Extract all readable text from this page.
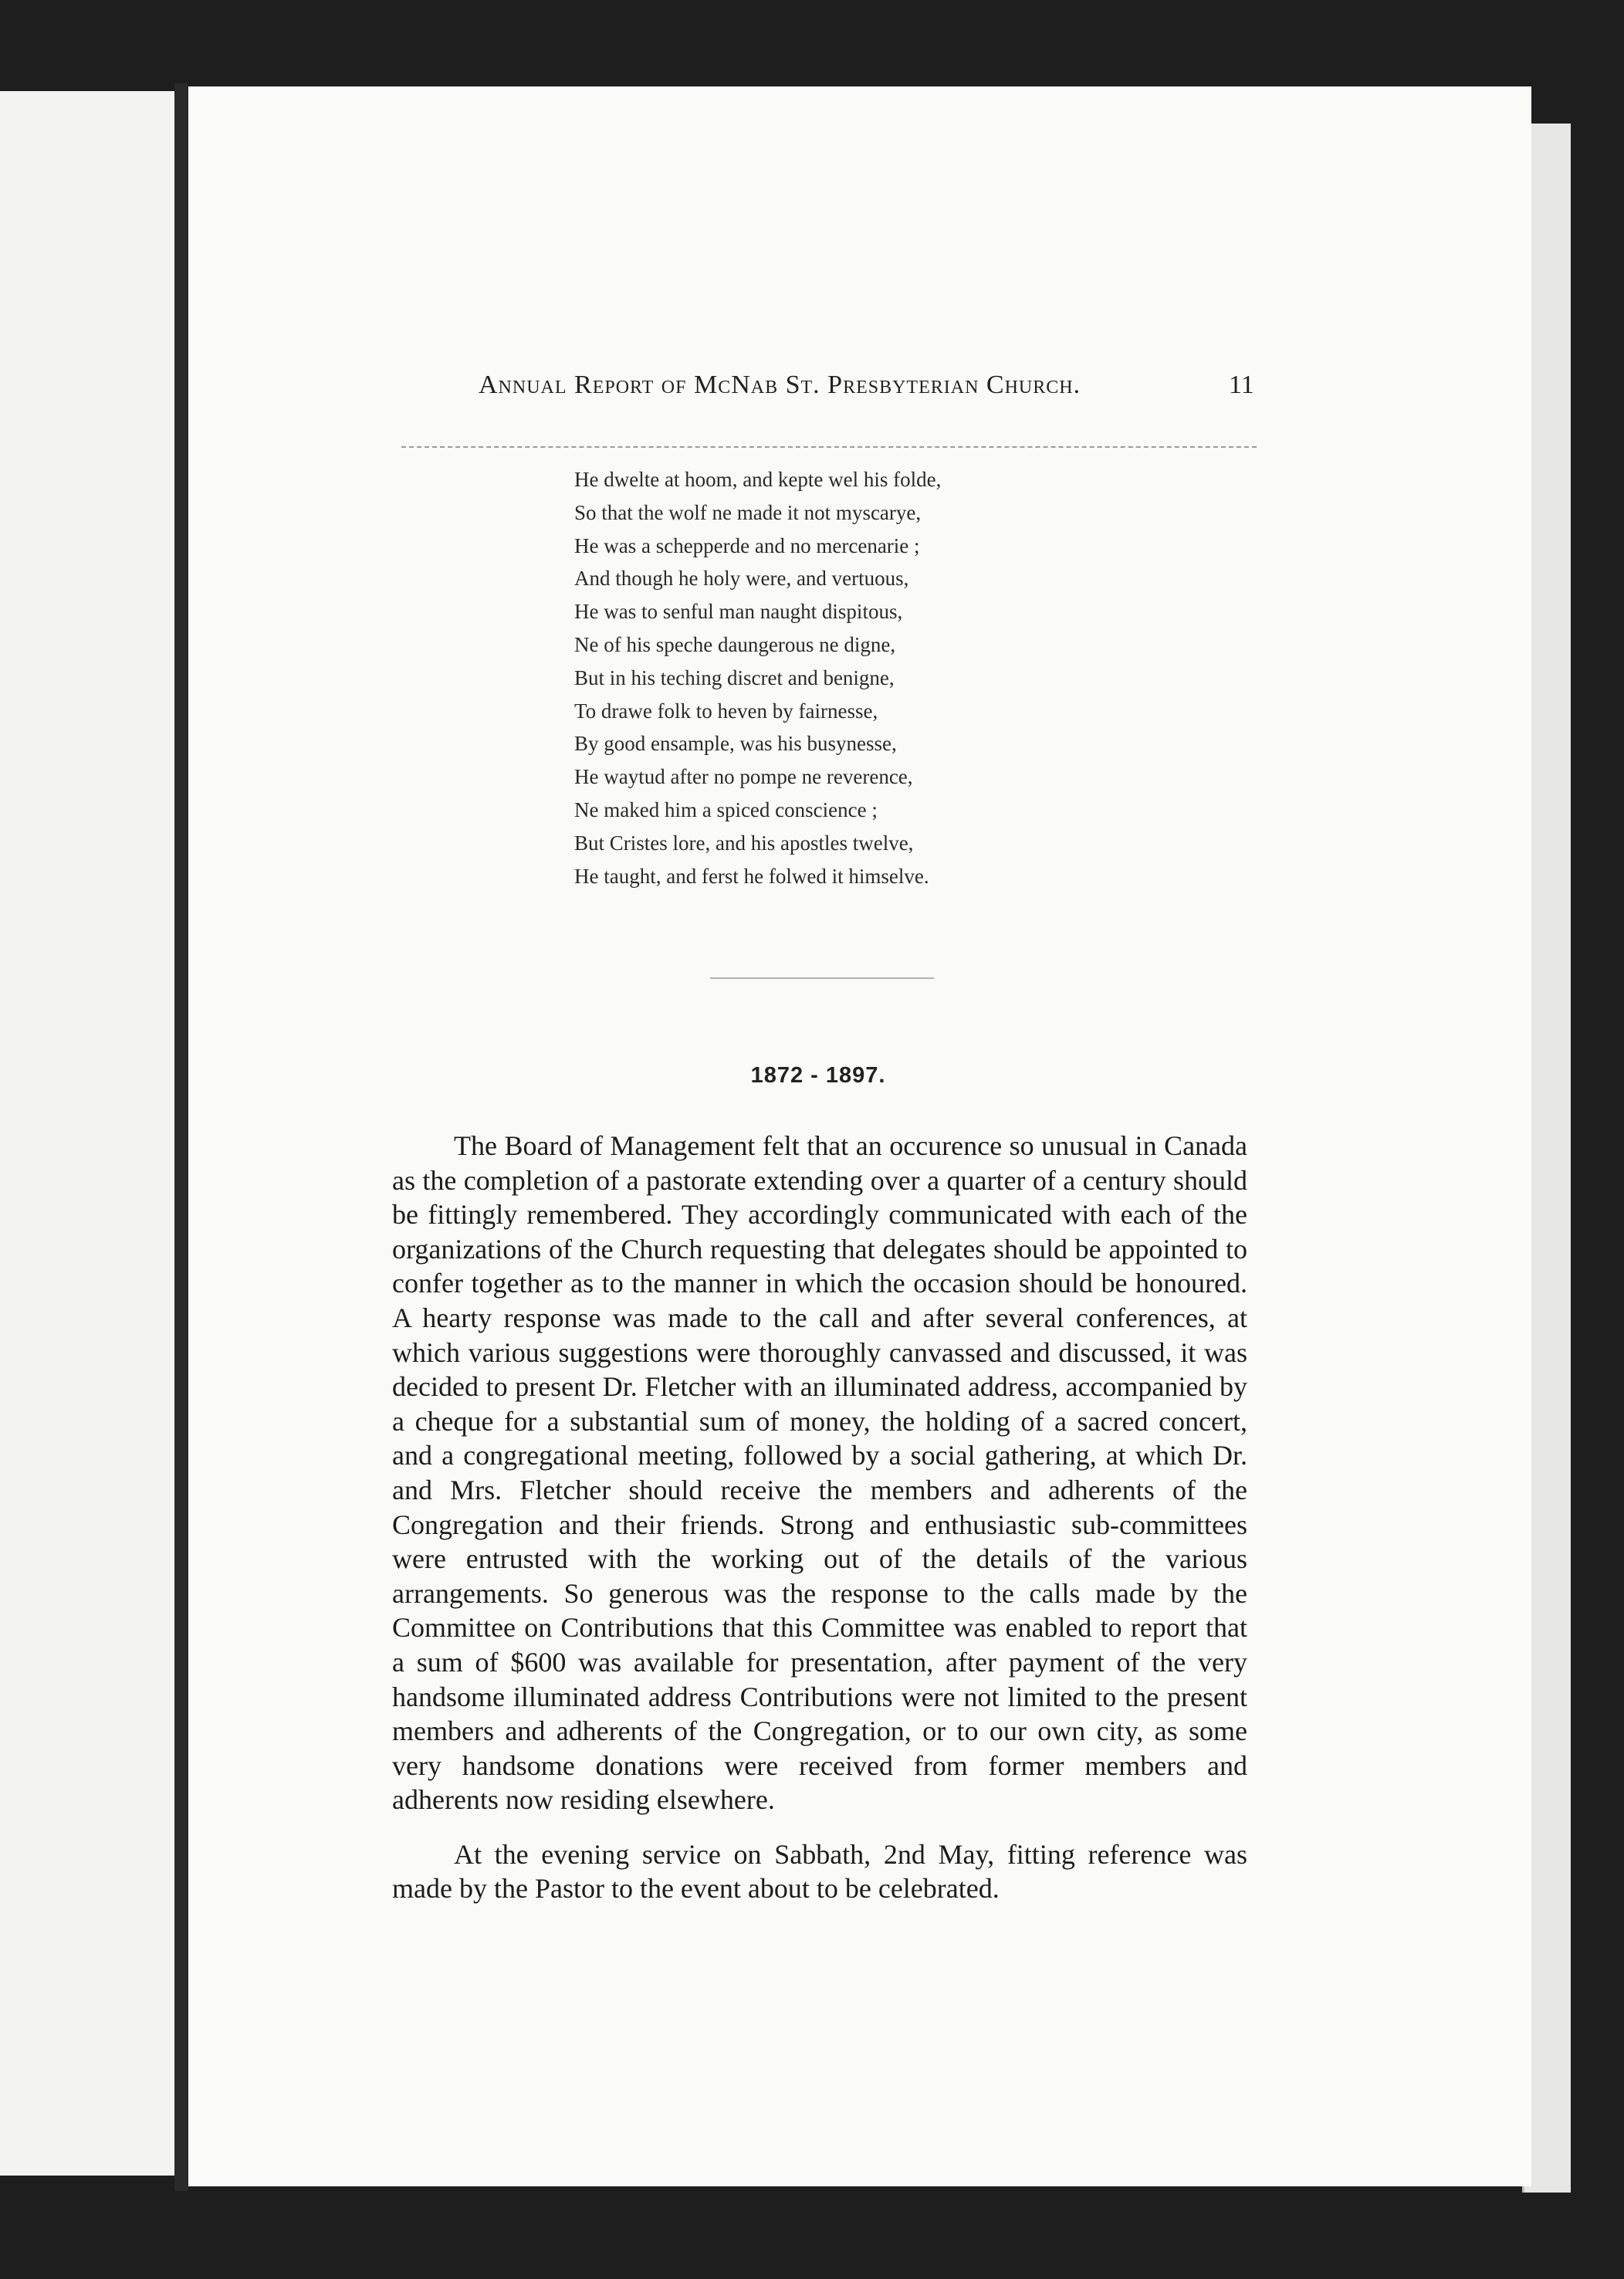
Annual Report of McNab St. Presbyterian Church.	11
He dwelte at hoom, and kepte wel his folde,
So that the wolf ne made it not myscarye,
He was a schepperde and no mercenarie ;
And though he holy were, and vertuous,
He was to senful man naught dispitous,
Ne of his speche daungerous ne digne,
But in his teching discret and benigne,
To drawe folk to heven by fairnesse,
By good ensample, was his busynesse,
He waytud after no pompe ne reverence,
Ne maked him a spiced conscience ;
But Cristes lore, and his apostles twelve,
He taught, and ferst he folwed it himselve.
1872 - 1897.

The Board of Management felt that an occurence so unusual in Canada as the completion of a pastorate extending over a quarter of a century should be fittingly remembered. They accordingly communicated with each of the organizations of the Church requesting that delegates should be appointed to confer together as to the manner in which the occasion should be honoured. A hearty response was made to the call and after several conferences, at which various suggestions were thoroughly canvassed and discussed, it was decided to present Dr. Fletcher with an illuminated address, accompanied by a cheque for a substantial sum of money, the holding of a sacred concert, and a congregational meeting, followed by a social gathering, at which Dr. and Mrs. Fletcher should receive the members and adherents of the Congregation and their friends. Strong and enthusiastic sub-committees were entrusted with the working out of the details of the various arrangements. So generous was the response to the calls made by the Committee on Contributions that this Committee was enabled to report that a sum of $600 was available for presentation, after payment of the very handsome illuminated address Contributions were not limited to the present members and adherents of the Congregation, or to our own city, as some very handsome donations were received from former members and adherents now residing elsewhere.

At the evening service on Sabbath, 2nd May, fitting reference was made by the Pastor to the event about to be celebrated.
